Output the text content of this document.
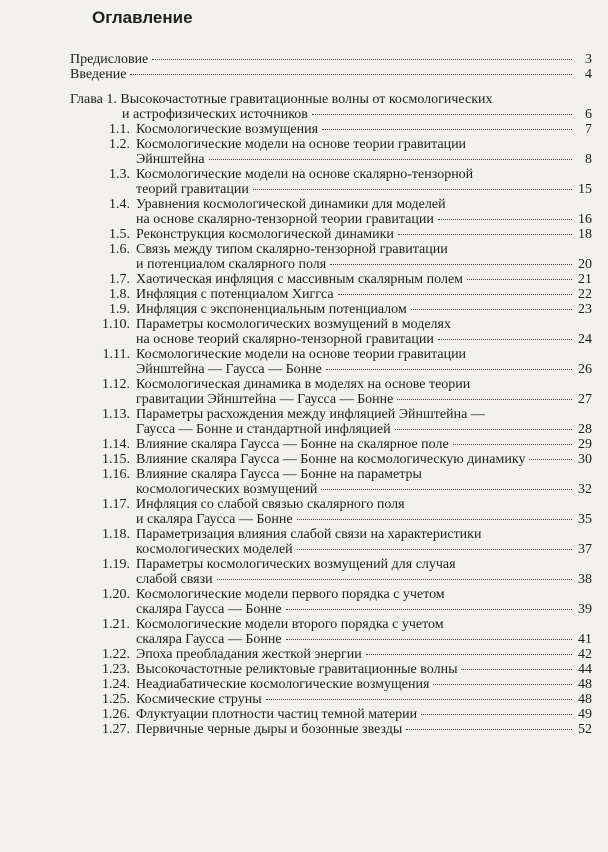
Оглавление
Предисловие	3
Введение	4
Глава 1. Высокочастотные гравитационные волны от космологических
и астрофизических источников	6
1.1. Космологические возмущения	7
1.2. Космологические модели на основе теории гравитации
Эйнштейна	8
1.3. Космологические модели на основе скалярно-тензорной
теорий гравитации	15
1.4. Уравнения космологической динамики для моделей
на основе скалярно-тензорной теории гравитации	16
1.5. Реконструкция космологической динамики	18
1.6. Связь между типом скалярно-тензорной гравитации
и потенциалом скалярного поля	20
1.7. Хаотическая инфляция с массивным скалярным полем	21
1.8. Инфляция с потенциалом Хиггса	22
1.9. Инфляция с экспоненциальным потенциалом	23
1.10. Параметры космологических возмущений в моделях
на основе теорий скалярно-тензорной гравитации	24
1.11. Космологические модели на основе теории гравитации
Эйнштейна — Гаусса — Бонне	26
1.12. Космологическая динамика в моделях на основе теории
гравитации Эйнштейна — Гаусса — Бонне	27
1.13. Параметры расхождения между инфляцией Эйнштейна —
Гаусса — Бонне и стандартной инфляцией	28
1.14. Влияние скаляра Гаусса — Бонне на скалярное поле	29
1.15. Влияние скаляра Гаусса — Бонне на космологическую динамику	30
1.16. Влияние скаляра Гаусса — Бонне на параметры
космологических возмущений	32
1.17. Инфляция со слабой связью скалярного поля
и скаляра Гаусса — Бонне	35
1.18. Параметризация влияния слабой связи на характеристики
космологических моделей	37
1.19. Параметры космологических возмущений для случая
слабой связи	38
1.20. Космологические модели первого порядка с учетом
скаляра Гаусса — Бонне	39
1.21. Космологические модели второго порядка с учетом
скаляра Гаусса — Бонне	41
1.22. Эпоха преобладания жесткой энергии	42
1.23. Высокочастотные реликтовые гравитационные волны	44
1.24. Неадиабатические космологические возмущения	48
1.25. Космические струны	48
1.26. Флуктуации плотности частиц темной материи	49
1.27. Первичные черные дыры и бозонные звезды	52
